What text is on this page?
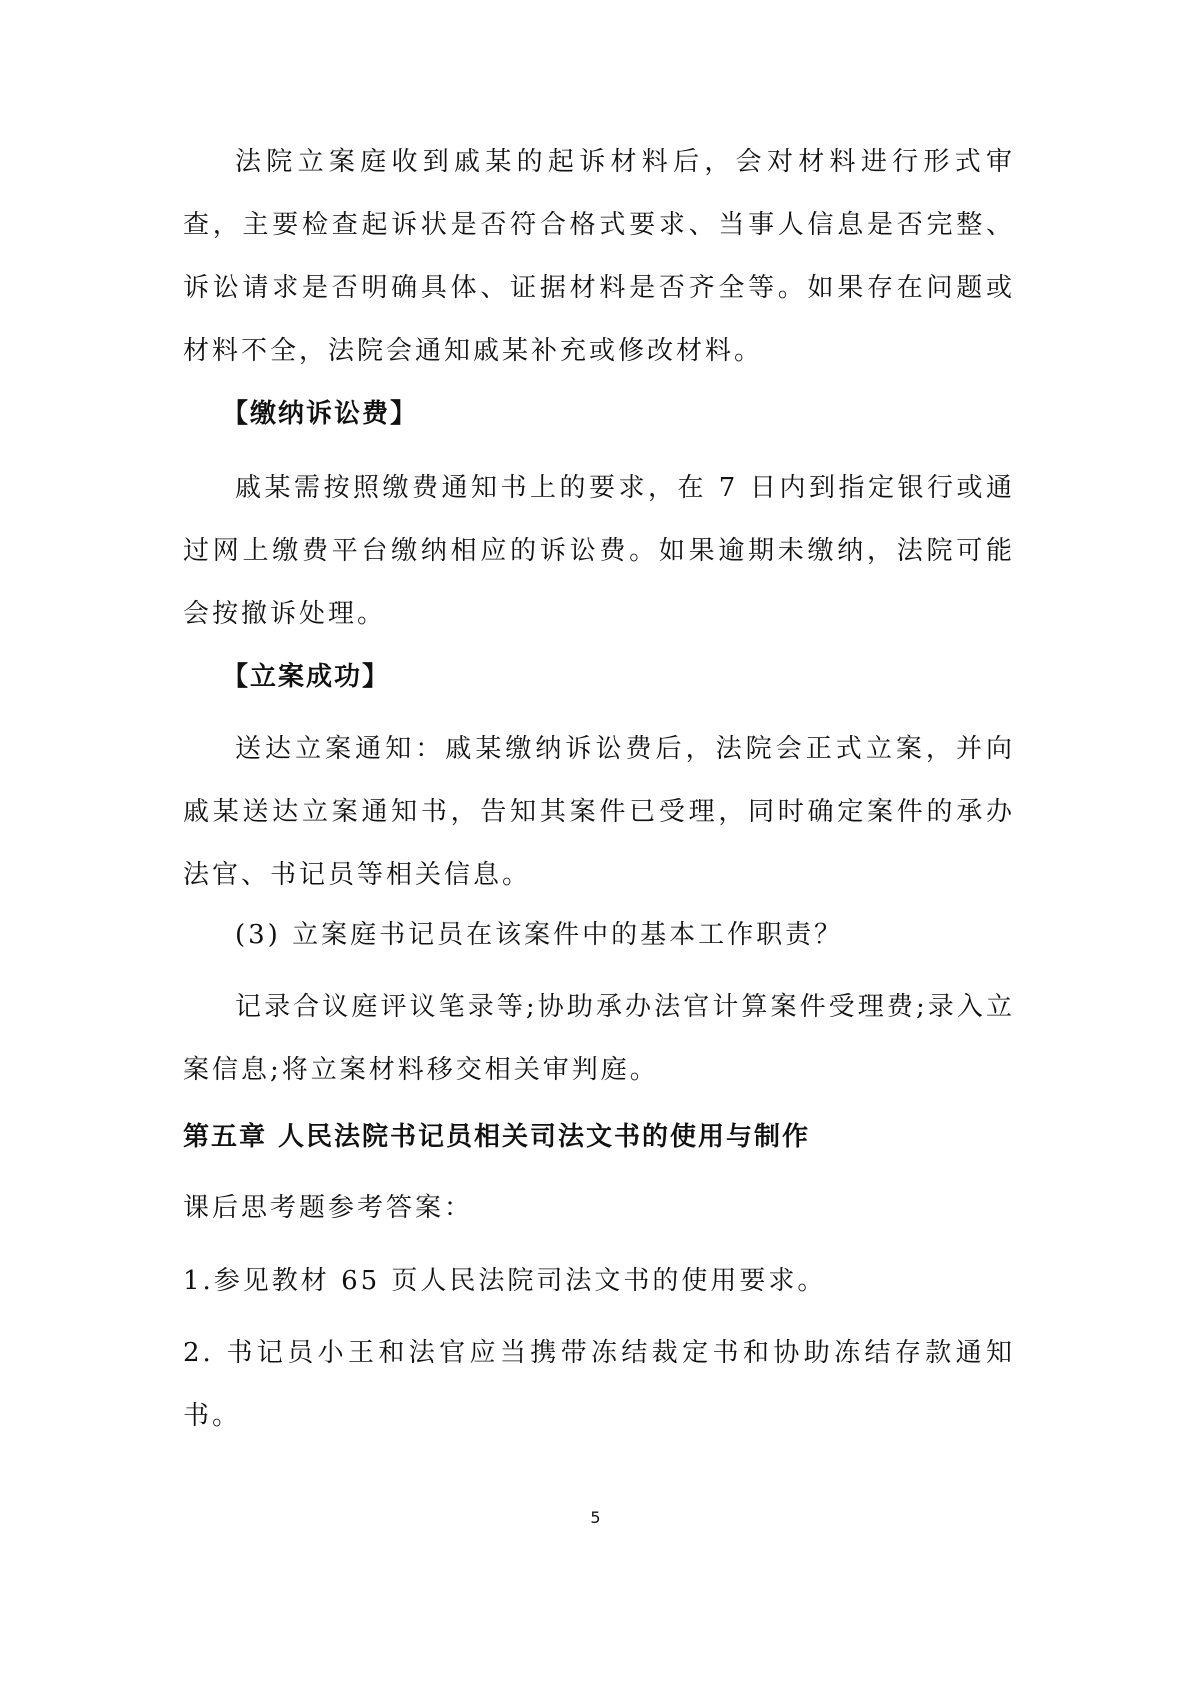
法院立案庭收到戚某的起诉材料后，会对材料进行形式审查，主要检查起诉状是否符合格式要求、当事人信息是否完整、诉讼请求是否明确具体、证据材料是否齐全等。如果存在问题或材料不全，法院会通知戚某补充或修改材料。

【缴纳诉讼费】

戚某需按照缴费通知书上的要求，在 7 日内到指定银行或通过网上缴费平台缴纳相应的诉讼费。如果逾期未缴纳，法院可能会按撤诉处理。

【立案成功】

送达立案通知：戚某缴纳诉讼费后，法院会正式立案，并向戚某送达立案通知书，告知其案件已受理，同时确定案件的承办法官、书记员等相关信息。

(3) 立案庭书记员在该案件中的基本工作职责？

记录合议庭评议笔录等;协助承办法官计算案件受理费;录入立案信息;将立案材料移交相关审判庭。

第五章 人民法院书记员相关司法文书的使用与制作

课后思考题参考答案：

1.参见教材 65 页人民法院司法文书的使用要求。

2. 书记员小王和法官应当携带冻结裁定书和协助冻结存款通知书。

5
